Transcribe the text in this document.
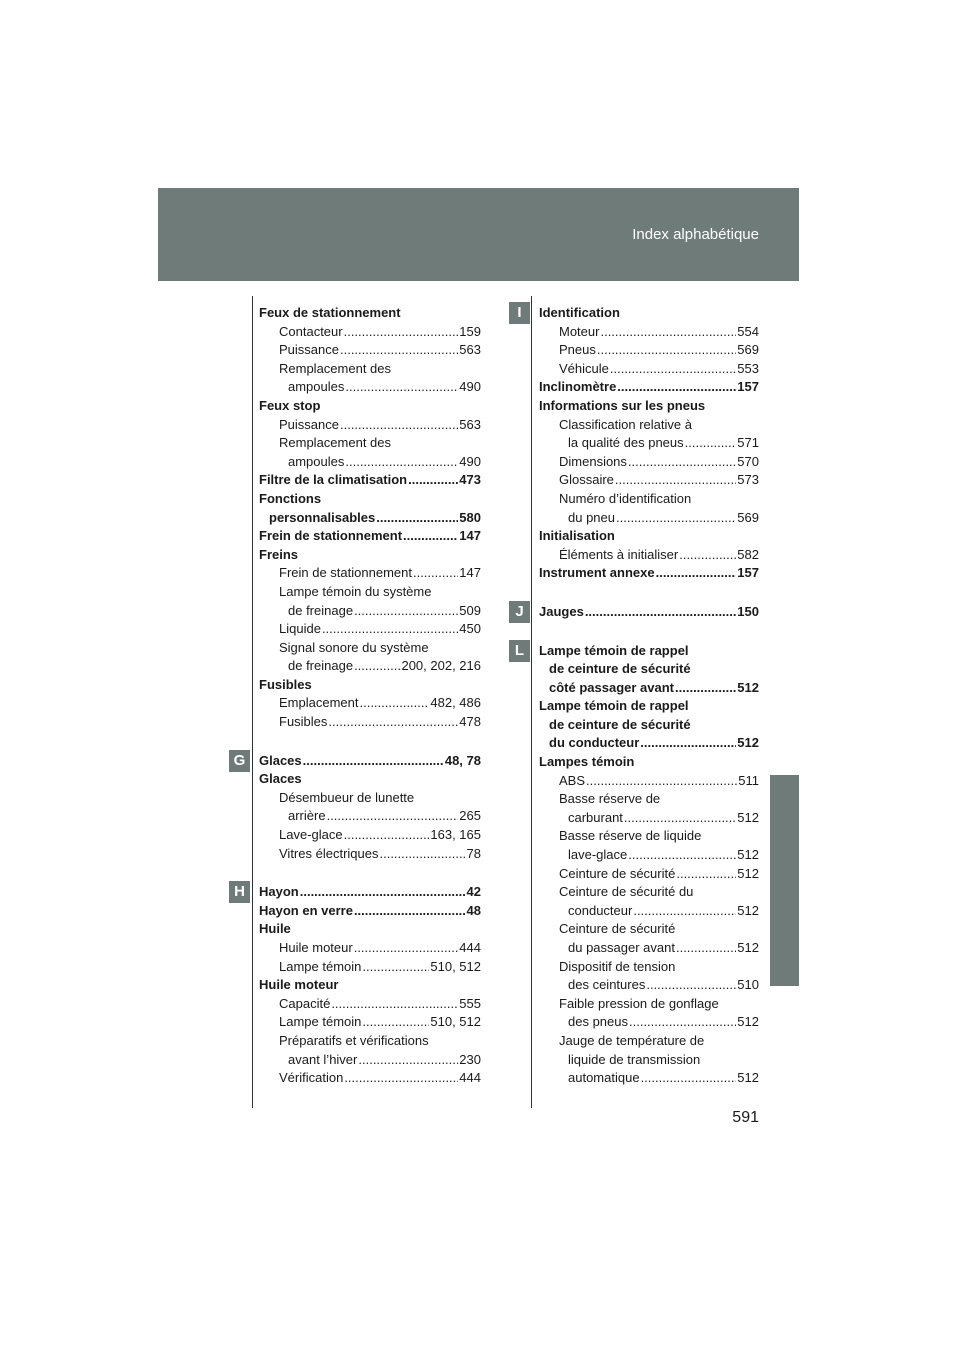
Index alphabétique
Feux de stationnement
Contacteur .....	159
Puissance .....	563
Remplacement des
ampoules .....	490
Feux stop
Puissance .....	563
Remplacement des
ampoules .....	490
Filtre de la climatisation .....	473
Fonctions
personnalisables .....	580
Frein de stationnement .....	147
Freins
Frein de stationnement .....	147
Lampe témoin du système
de freinage .....	509
Liquide .....	450
Signal sonore du système
de freinage .....	200, 202, 216
Fusibles
Emplacement .....	482, 486
Fusibles .....	478
Glaces .....	48, 78
Glaces
Désembueur de lunette
arrière .....	265
Lave-glace .....	163, 165
Vitres électriques .....	78
Hayon .....	42
Hayon en verre .....	48
Huile
Huile moteur .....	444
Lampe témoin .....	510, 512
Huile moteur
Capacité .....	555
Lampe témoin .....	510, 512
Préparatifs et vérifications
avant l’hiver .....	230
Vérification .....	444
Identification
Moteur .....	554
Pneus .....	569
Véhicule .....	553
Inclinomètre .....	157
Informations sur les pneus
Classification relative à
la qualité des pneus .....	571
Dimensions .....	570
Glossaire .....	573
Numéro d’identification
du pneu .....	569
Initialisation
Éléments à initialiser .....	582
Instrument annexe .....	157
Jauges .....	150
Lampe témoin de rappel
de ceinture de sécurité
côté passager avant .....	512
Lampe témoin de rappel
de ceinture de sécurité
du conducteur .....	512
Lampes témoin
ABS .....	511
Basse réserve de
carburant .....	512
Basse réserve de liquide
lave-glace .....	512
Ceinture de sécurité .....	512
Ceinture de sécurité du
conducteur .....	512
Ceinture de sécurité
du passager avant .....	512
Dispositif de tension
des ceintures .....	510
Faible pression de gonflage
des pneus .....	512
Jauge de température de
liquide de transmission
automatique .....	512
591
G
H
I
J
L
